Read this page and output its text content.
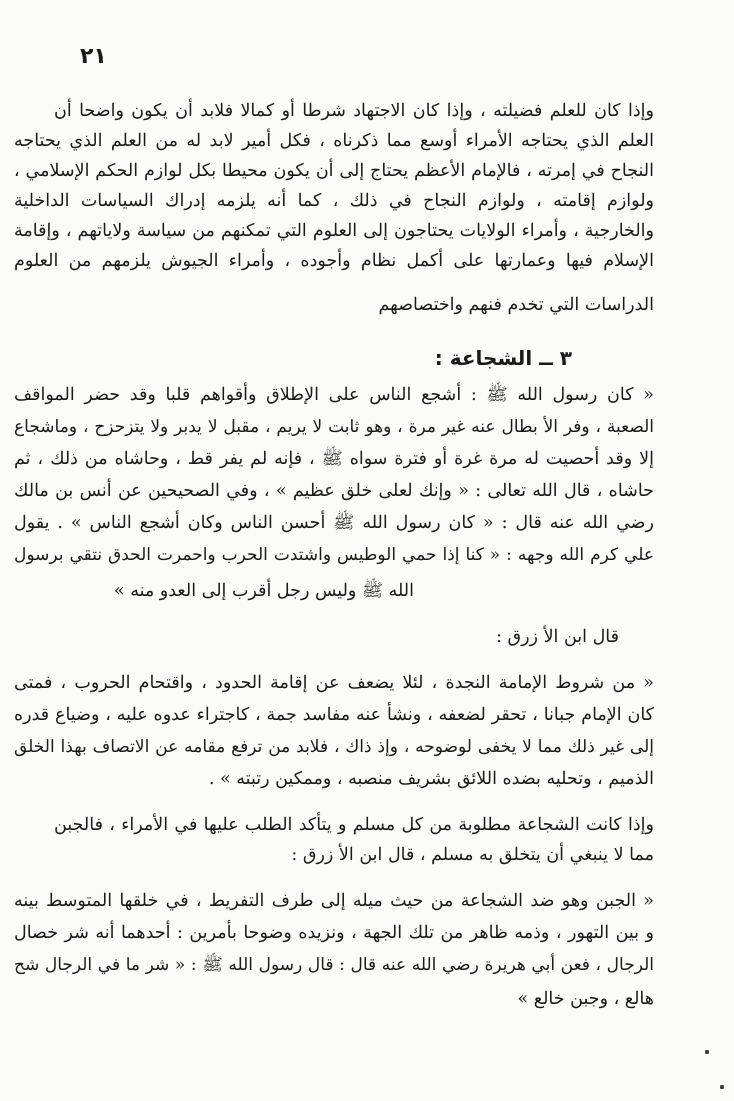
٢١
وإذا كان للعلم فضيلته ، وإذا كان الاجتهاد شرطا أو كمالا فلابد أن يكون واضحا أن
العلم الذي يحتاجه الأمراء أوسع مما ذكرناه ، فكل أمير لابد له من العلم الذي يحتاجه
النجاح في إمرته ، فالإمام الأعظم يحتاج إلى أن يكون محيطا بكل لوازم الحكم الإسلامي ،
ولوازم إقامته ، ولوازم النجاح في ذلك ، كما أنه يلزمه إدراك السياسات الداخلية
والخارجية ، وأمراء الولايات يحتاجون إلى العلوم التي تمكنهم من سياسة ولاياتهم ، وإقامة
الإسلام فيها وعمارتها على أكمل نظام وأجوده ، وأمراء الجيوش يلزمهم من العلوم
الدراسات التي تخدم فنهم واختصاصهم
٣ ــ الشجاعة :
« كان رسول الله ﷺ : أشجع الناس على الإطلاق وأقواهم قلبا وقد حضر المواقف
الصعبة ، وفر الأ بطال عنه غير مرة ، وهو ثابت لا يريم ، مقبل لا يدبر ولا يتزحزح ، وماشجاع
إلا وقد أحصيت له مرة غرة أو فترة سواه ﷺ ، فإنه لم يفر قط ، وحاشاه من ذلك ، ثم
حاشاه ، قال الله تعالى : « وإنك لعلى خلق عظيم » ، وفي الصحيحين عن أنس بن مالك
رضي الله عنه قال : « كان رسول الله ﷺ أحسن الناس وكان أشجع الناس » . يقول
علي كرم الله وجهه : « كنا إذا حمي الوطيس واشتدت الحرب واحمرت الحدق نتقي برسول
الله ﷺ وليس رجل أقرب إلى العدو منه »
قال ابن الأ زرق :
« من شروط الإمامة النجدة ، لئلا يضعف عن إقامة الحدود ، واقتحام الحروب ، فمتى
كان الإمام جبانا ، تحقر لضعفه ، ونشأ عنه مفاسد جمة ، كاجتراء عدوه عليه ، وضياع قدره
إلى غير ذلك مما لا يخفى لوضوحه ، وإذ ذاك ، فلابد من ترفع مقامه عن الاتصاف بهذا الخلق
الذميم ، وتحليه بضده اللائق بشريف منصبه ، وممكين رتبته » .
وإذا كانت الشجاعة مطلوبة من كل مسلم و يتأكد الطلب عليها في الأمراء ، فالجبن
مما لا ينبغي أن يتخلق به مسلم ، قال ابن الأ زرق :
« الجبن وهو ضد الشجاعة من حيث ميله إلى طرف التفريط ، في خلقها المتوسط بينه
و بين التهور ، وذمه ظاهر من تلك الجهة ، ونزيده وضوحا بأمرين : أحدهما أنه شر خصال
الرجال ، فعن أبي هريرة رضي الله عنه قال : قال رسول الله ﷺ : « شر ما في الرجال شح
هالع ، وجبن خالع »
